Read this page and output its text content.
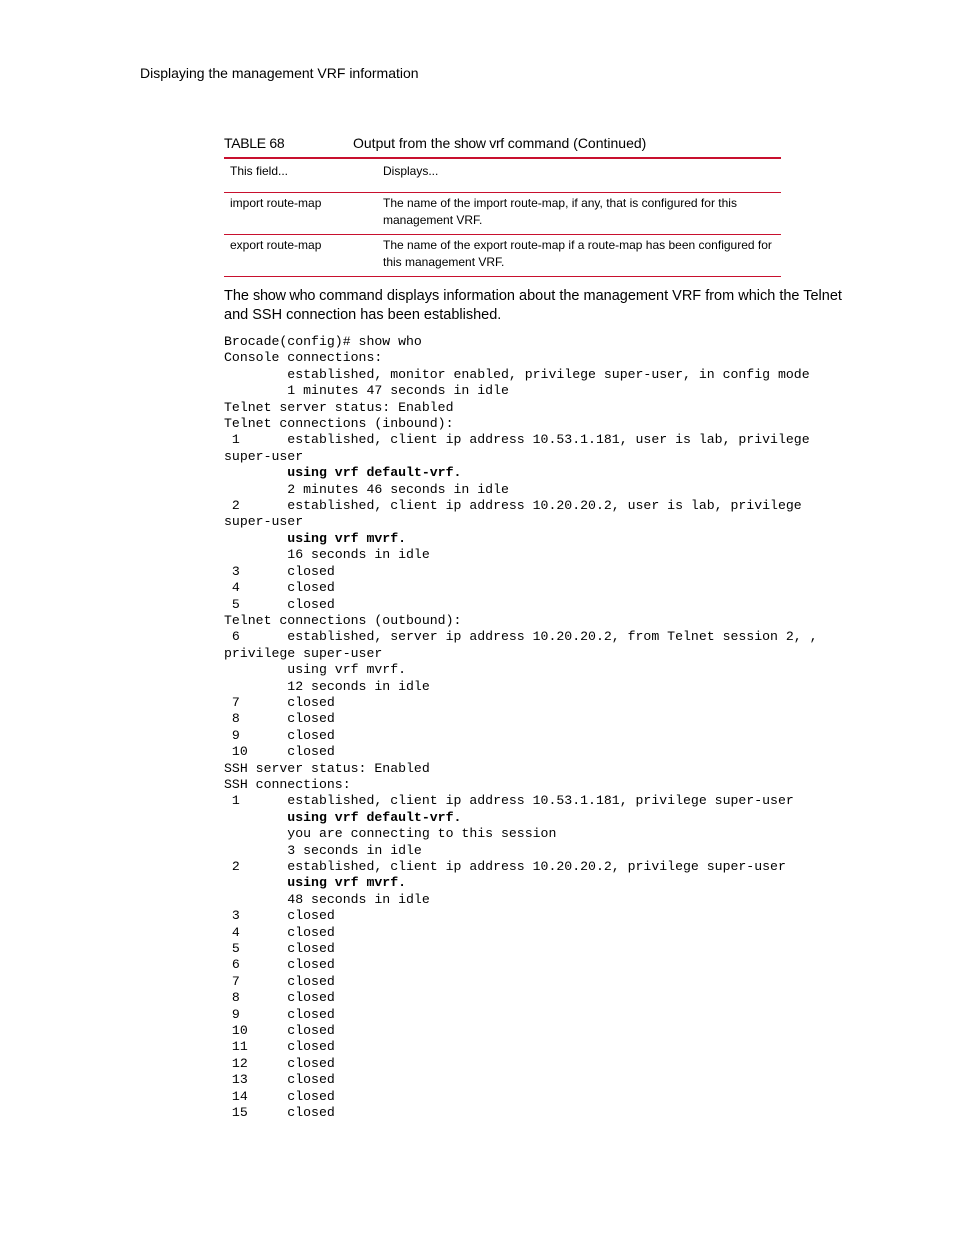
Displaying the management VRF information
TABLE 68	Output from the show vrf command (Continued)
This field...	Displays...
import route-map	The name of the import route-map, if any, that is configured for this management VRF.
export route-map	The name of the export route-map if a route-map has been configured for this management VRF.

The show who command displays information about the management VRF from which the Telnet and SSH connection has been established.

Brocade(config)# show who
Console connections:
established, monitor enabled, privilege super-user, in config mode
1 minutes 47 seconds in idle
Telnet server status: Enabled
Telnet connections (inbound):
1      established, client ip address 10.53.1.181, user is lab, privilege
super-user
using vrf default-vrf.
2 minutes 46 seconds in idle
2      established, client ip address 10.20.20.2, user is lab, privilege
super-user
using vrf mvrf.
16 seconds in idle
3      closed
4      closed
5      closed
Telnet connections (outbound):
6      established, server ip address 10.20.20.2, from Telnet session 2, ,
privilege super-user
using vrf mvrf.
12 seconds in idle
7      closed
8      closed
9      closed
10     closed
SSH server status: Enabled
SSH connections:
1      established, client ip address 10.53.1.181, privilege super-user
using vrf default-vrf.
you are connecting to this session
3 seconds in idle
2      established, client ip address 10.20.20.2, privilege super-user
using vrf mvrf.
48 seconds in idle
3      closed
4      closed
5      closed
6      closed
7      closed
8      closed
9      closed
10     closed
11     closed
12     closed
13     closed
14     closed
15     closed
